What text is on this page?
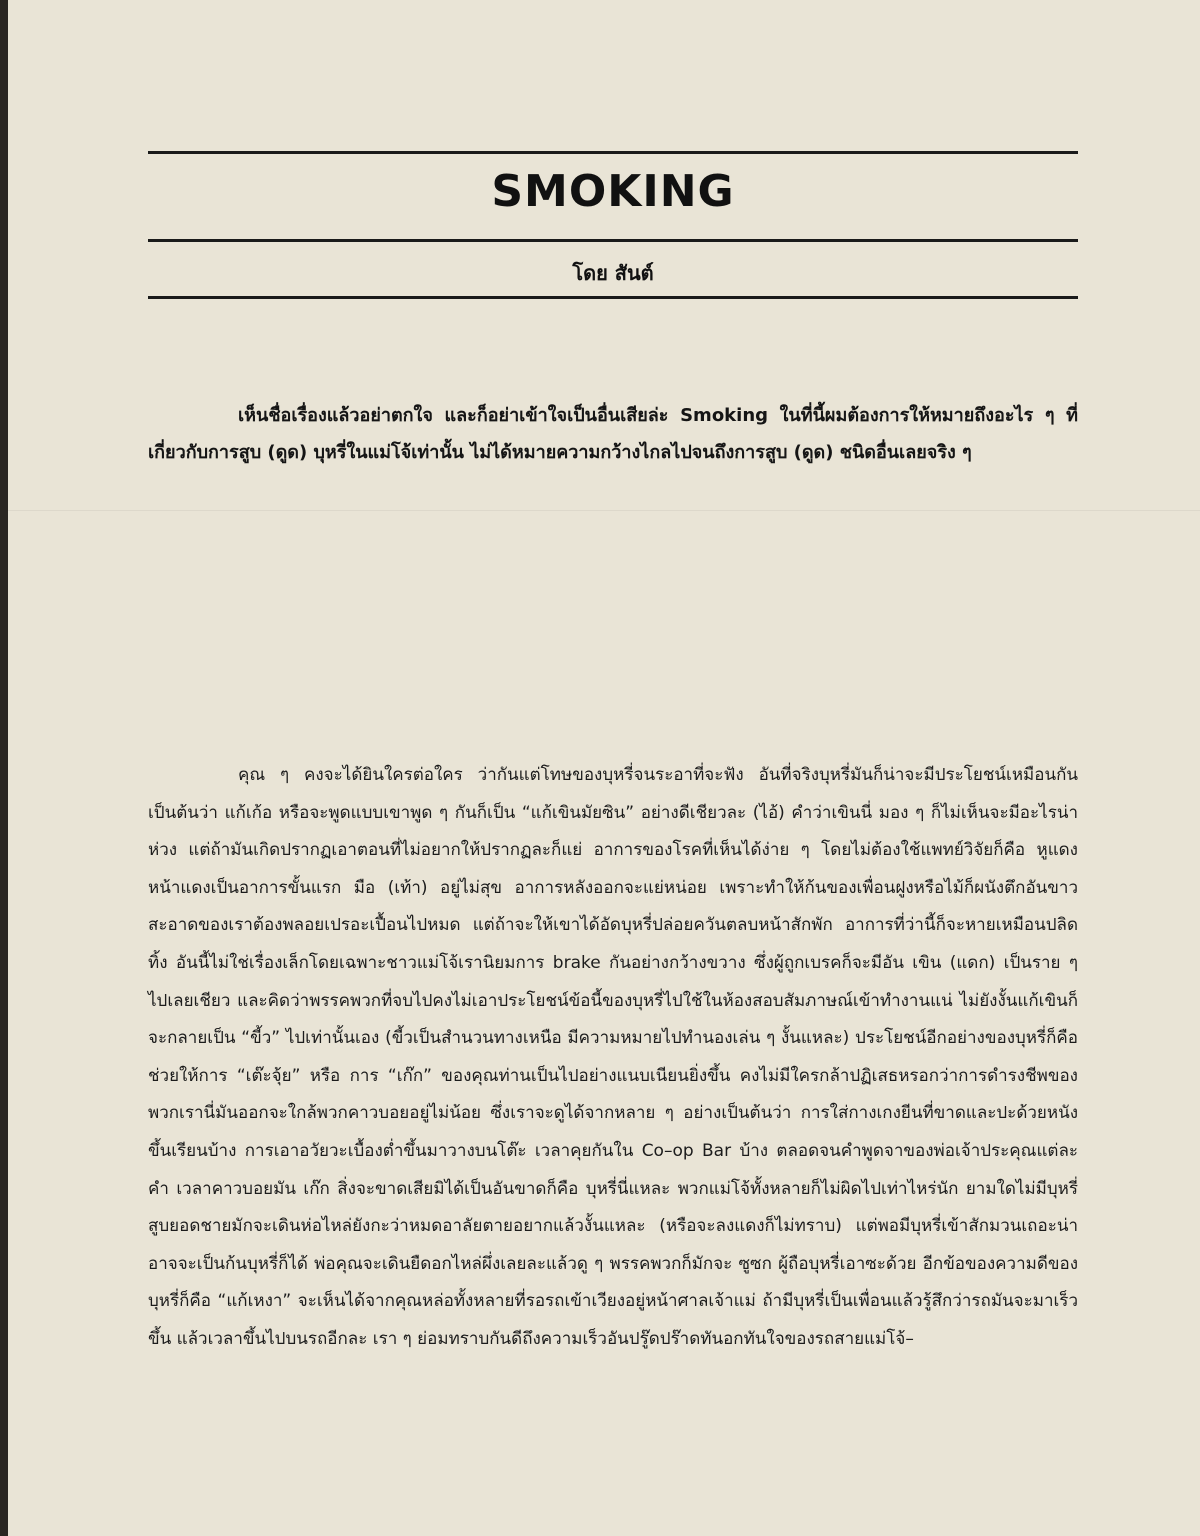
SMOKING
โดย สันต์

เห็นชื่อเรื่องแล้วอย่าตกใจ และก็อย่าเข้าใจเป็นอื่นเสียล่ะ Smoking ในที่นี้ผมต้องการให้หมายถึงอะไร ๆ ที่เกี่ยวกับการสูบ (ดูด) บุหรี่ในแม่โจ้เท่านั้น ไม่ได้หมายความกว้างไกลไปจนถึงการสูบ (ดูด) ชนิดอื่นเลยจริง ๆ

คุณ ๆ คงจะได้ยินใครต่อใคร ว่ากันแต่โทษของบุหรี่จนระอาที่จะฟัง อันที่จริงบุหรี่มันก็น่าจะมีประโยชน์เหมือนกัน เป็นต้นว่า แก้เก้อ หรือจะพูดแบบเขาพูด ๆ กันก็เป็น “แก้เขินมัยซิน” อย่างดีเชียวละ (ไอ้) คำว่าเขินนี่ มอง ๆ ก็ไม่เห็นจะมีอะไรน่าห่วง แต่ถ้ามันเกิดปรากฏเอาตอนที่ไม่อยากให้ปรากฏละก็แย่ อาการของโรคที่เห็นได้ง่าย ๆ โดยไม่ต้องใช้แพทย์วิจัยก็คือ หูแดงหน้าแดงเป็นอาการขั้นแรก มือ (เท้า) อยู่ไม่สุข อาการหลังออกจะแย่หน่อย เพราะทำให้ก้นของเพื่อนฝูงหรือไม้ก็ผนังตึกอันขาวสะอาดของเราต้องพลอยเปรอะเปื้อนไปหมด แต่ถ้าจะให้เขาได้อัดบุหรี่ปล่อยควันตลบหน้าสักพัก อาการที่ว่านี้ก็จะหายเหมือนปลิดทิ้ง อันนี้ไม่ใช่เรื่องเล็กโดยเฉพาะชาวแม่โจ้เรานิยมการ brake กันอย่างกว้างขวาง ซึ่งผู้ถูกเบรคก็จะมีอัน เขิน (แดก) เป็นราย ๆ ไปเลยเชียว และคิดว่าพรรคพวกที่จบไปคงไม่เอาประโยชน์ข้อนี้ของบุหรี่ไปใช้ในห้องสอบสัมภาษณ์เข้าทำงานแน่ ไม่ยังงั้นแก้เขินก็จะกลายเป็น “ขี้ว” ไปเท่านั้นเอง (ขี้วเป็นสำนวนทางเหนือ มีความหมายไปทำนองเล่น ๆ งั้นแหละ) ประโยชน์อีกอย่างของบุหรี่ก็คือช่วยให้การ “เต๊ะจุ้ย” หรือ การ “เก๊ก” ของคุณท่านเป็นไปอย่างแนบเนียนยิ่งขึ้น คงไม่มีใครกล้าปฏิเสธหรอกว่าการดำรงชีพของพวกเรานี่มันออกจะใกล้พวกคาวบอยอยู่ไม่น้อย ซึ่งเราจะดูได้จากหลาย ๆ อย่างเป็นต้นว่า การใส่กางเกงยีนที่ขาดและปะด้วยหนังขึ้นเรียนบ้าง การเอาอวัยวะเบื้องต่ำขึ้นมาวางบนโต๊ะ เวลาคุยกันใน Co–op Bar บ้าง ตลอดจนคำพูดจาของพ่อเจ้าประคุณแต่ละคำ เวลาคาวบอยมัน เก๊ก สิ่งจะขาดเสียมิได้เป็นอันขาดก็คือ บุหรี่นี่แหละ พวกแม่โจ้ทั้งหลายก็ไม่ผิดไปเท่าไหร่นัก ยามใดไม่มีบุหรี่สูบยอดชายมักจะเดินห่อไหล่ยังกะว่าหมดอาลัยตายอยากแล้วงั้นแหละ (หรือจะลงแดงก็ไม่ทราบ) แต่พอมีบุหรี่เข้าสักมวนเถอะน่า อาจจะเป็นก้นบุหรี่ก็ได้ พ่อคุณจะเดินยืดอกไหล่ผึ่งเลยละแล้วดู ๆ พรรคพวกก็มักจะ ซูซก ผู้ถือบุหรี่เอาซะด้วย อีกข้อของความดีของบุหรี่ก็คือ “แก้เหงา” จะเห็นได้จากคุณหล่อทั้งหลายที่รอรถเข้าเวียงอยู่หน้าศาลเจ้าแม่ ถ้ามีบุหรี่เป็นเพื่อนแล้วรู้สึกว่ารถมันจะมาเร็วขึ้น แล้วเวลาขึ้นไปบนรถอีกละ เรา ๆ ย่อมทราบกันดีถึงความเร็วอันปรู๊ดปร๊าดทันอกทันใจของรถสายแม่โจ้–
